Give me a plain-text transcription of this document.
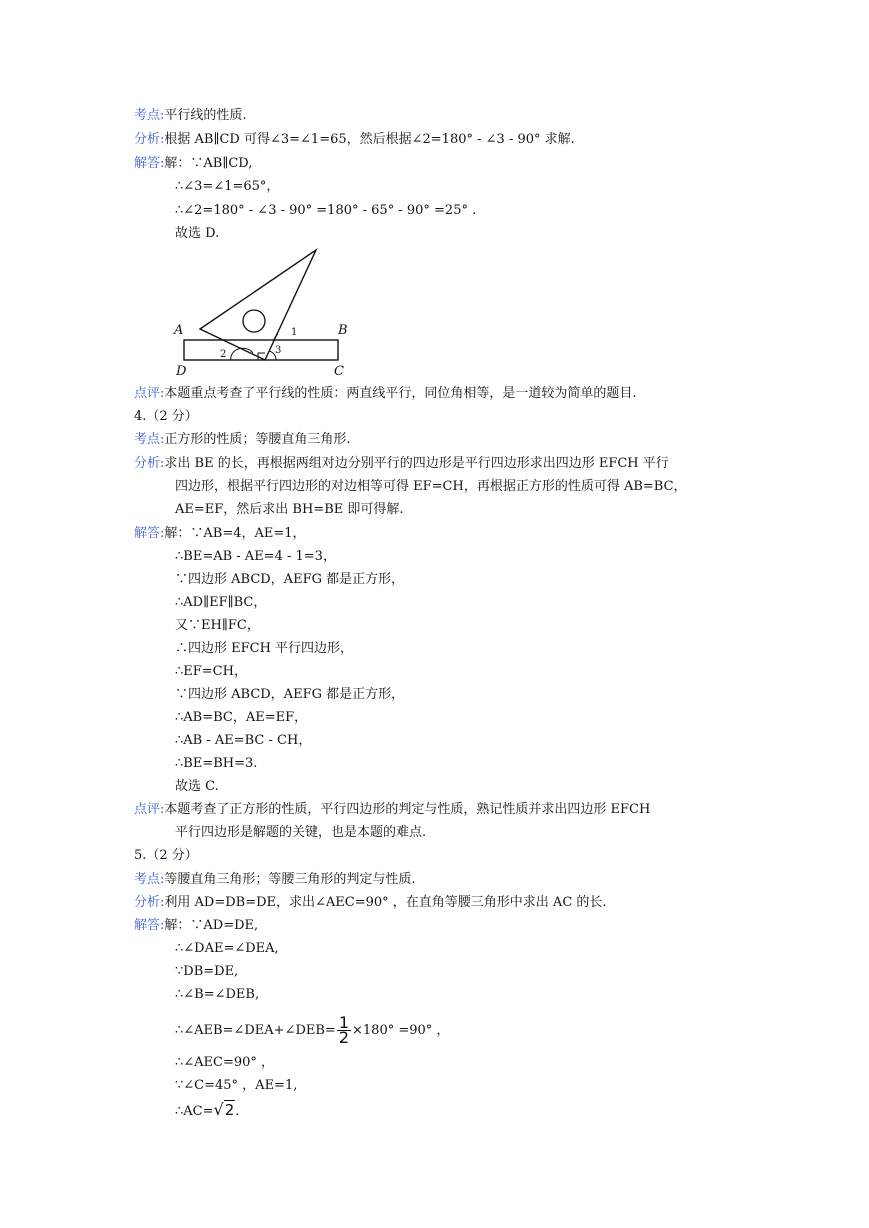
考点:平行线的性质.
分析:根据 AB∥CD 可得∠3=∠1=65，然后根据∠2=180° - ∠3 - 90° 求解.
解答:解：∵AB∥CD,
∴∠3=∠1=65°，
∴∠2=180° - ∠3 - 90° =180° - 65° - 90° =25° .
故选 D.
A	B
C
D
1
2	3
点评:本题重点考查了平行线的性质：两直线平行，同位角相等，是一道较为简单的题目.
4.（2 分）
考点:正方形的性质；等腰直角三角形.
分析:求出 BE 的长，再根据两组对边分别平行的四边形是平行四边形求出四边形 EFCH 平行
四边形，根据平行四边形的对边相等可得 EF=CH，再根据正方形的性质可得 AB=BC，
AE=EF，然后求出 BH=BE 即可得解.
解答:解：∵AB=4，AE=1，
∴BE=AB - AE=4 - 1=3，
∵四边形 ABCD，AEFG 都是正方形，
∴AD∥EF∥BC，
又∵EH∥FC，
∴四边形 EFCH 平行四边形，
∴EF=CH，
∵四边形 ABCD，AEFG 都是正方形，
∴AB=BC，AE=EF，
∴AB - AE=BC - CH，
∴BE=BH=3.
故选 C.
点评:本题考查了正方形的性质，平行四边形的判定与性质，熟记性质并求出四边形 EFCH
平行四边形是解题的关键，也是本题的难点.
5.（2 分）
考点:等腰直角三角形；等腰三角形的判定与性质.
分析:利用 AD=DB=DE，求出∠AEC=90° ，在直角等腰三角形中求出 AC 的长.
解答:解：∵AD=DE,
∴∠DAE=∠DEA,
∵DB=DE,
∴∠B=∠DEB,
∴∠AEB=∠DEA+∠DEB= $\frac{1}{2} \times 180^\circ =90^\circ$ ，
∴∠AEC=90° ，
∵∠C=45° ，AE=1,
∴AC=√2.
